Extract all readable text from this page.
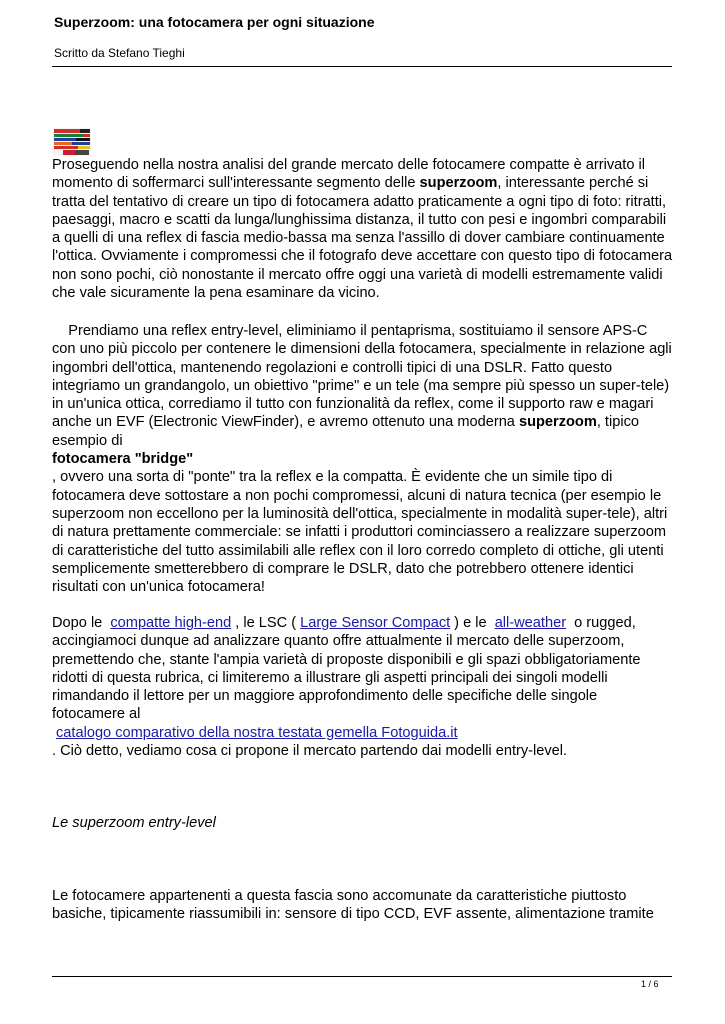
Superzoom: una fotocamera per ogni situazione
Scritto da Stefano Tieghi
Proseguendo nella nostra analisi del grande mercato delle fotocamere compatte è arrivato il momento di soffermarci sull'interessante segmento delle superzoom, interessante perché si tratta del tentativo di creare un tipo di fotocamera adatto praticamente a ogni tipo di foto: ritratti, paesaggi, macro e scatti da lunga/lunghissima distanza, il tutto con pesi e ingombri comparabili a quelli di una reflex di fascia medio-bassa ma senza l'assillo di dover cambiare continuamente l'ottica. Ovviamente i compromessi che il fotografo deve accettare con questo tipo di fotocamera non sono pochi, ciò nonostante il mercato offre oggi una varietà di modelli estremamente validi che vale sicuramente la pena esaminare da vicino.
Prendiamo una reflex entry-level, eliminiamo il pentaprisma, sostituiamo il sensore APS-C con uno più piccolo per contenere le dimensioni della fotocamera, specialmente in relazione agli ingombri dell'ottica, mantenendo regolazioni e controlli tipici di una DSLR. Fatto questo integriamo un grandangolo, un obiettivo "prime" e un tele (ma sempre più spesso un super-tele) in un'unica ottica, corrediamo il tutto con funzionalità da reflex, come il supporto raw e magari anche un EVF (Electronic ViewFinder), e avremo ottenuto una moderna superzoom, tipico esempio di
fotocamera "bridge"
, ovvero una sorta di "ponte" tra la reflex e la compatta. È evidente che un simile tipo di fotocamera deve sottostare a non pochi compromessi, alcuni di natura tecnica (per esempio le superzoom non eccellono per la luminosità dell'ottica, specialmente in modalità super-tele), altri di natura prettamente commerciale: se infatti i produttori cominciassero a realizzare superzoom di caratteristiche del tutto assimilabili alle reflex con il loro corredo completo di ottiche, gli utenti semplicemente smetterebbero di comprare le DSLR, dato che potrebbero ottenere identici risultati con un'unica fotocamera!
Dopo le compatte high-end , le LSC ( Large Sensor Compact ) e le all-weather o rugged, accingiamoci dunque ad analizzare quanto offre attualmente il mercato delle superzoom, premettendo che, stante l'ampia varietà di proposte disponibili e gli spazi obbligatoriamente ridotti di questa rubrica, ci limiteremo a illustrare gli aspetti principali dei singoli modelli rimandando il lettore per un maggiore approfondimento delle specifiche delle singole fotocamere al
catalogo comparativo della nostra testata gemella Fotoguida.it
. Ciò detto, vediamo cosa ci propone il mercato partendo dai modelli entry-level.
Le superzoom entry-level
Le fotocamere appartenenti a questa fascia sono accomunate da caratteristiche piuttosto basiche, tipicamente riassumibili in: sensore di tipo CCD, EVF assente, alimentazione tramite
1 / 6
